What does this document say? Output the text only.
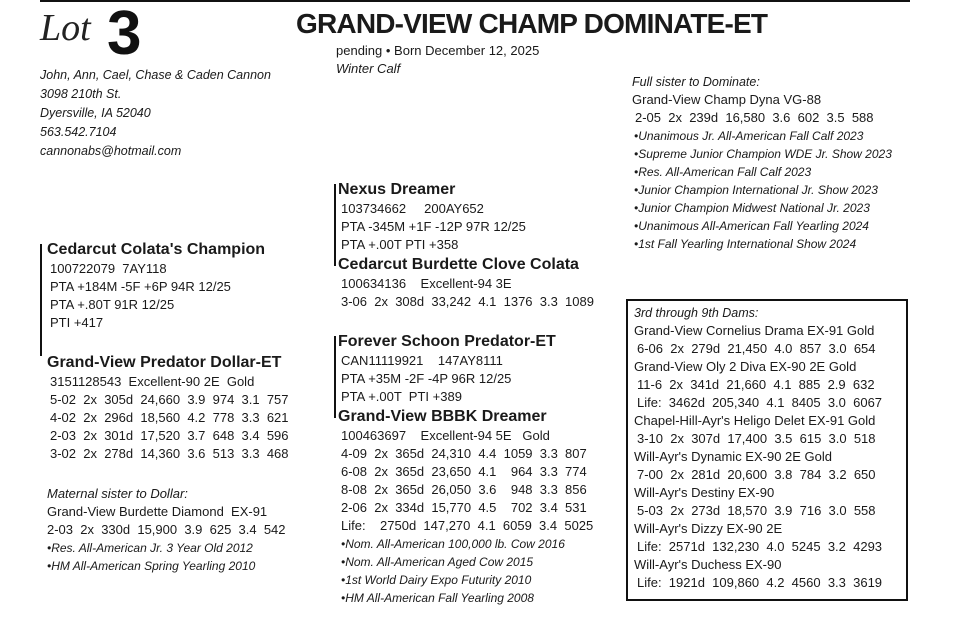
Lot 3	GRAND-VIEW CHAMP DOMINATE-ET
pending • Born December 12, 2025
Winter Calf
John, Ann, Cael, Chase & Caden Cannon
3098 210th St.
Dyersville, IA 52040
563.542.7104
cannonabs@hotmail.com
Cedarcut Colata's Champion
100722079  7AY118
PTA +184M -5F +6P 94R 12/25
PTA +.80T 91R 12/25
PTI +417
Grand-View Predator Dollar-ET
3151128543  Excellent-90 2E  Gold
5-02  2x  305d  24,660  3.9  974  3.1  757
4-02  2x  296d  18,560  4.2  778  3.3  621
2-03  2x  301d  17,520  3.7  648  3.4  596
3-02  2x  278d  14,360  3.6  513  3.3  468
Maternal sister to Dollar:
Grand-View Burdette Diamond  EX-91
2-03  2x  330d  15,900  3.9  625  3.4  542
•Res. All-American Jr. 3 Year Old 2012
•HM All-American Spring Yearling 2010
Nexus Dreamer
103734662     200AY652
PTA -345M +1F -12P 97R 12/25
PTA +.00T PTI +358
Cedarcut Burdette Clove Colata
100634136    Excellent-94 3E
3-06  2x  308d  33,242  4.1  1376  3.3  1089
Forever Schoon Predator-ET
CAN11119921    147AY8111
PTA +35M -2F -4P 96R 12/25
PTA +.00T  PTI +389
Grand-View BBBK Dreamer
100463697    Excellent-94 5E   Gold
4-09  2x  365d  24,310  4.4  1059  3.3  807
6-08  2x  365d  23,650  4.1    964  3.3  774
8-08  2x  365d  26,050  3.6    948  3.3  856
2-06  2x  334d  15,770  4.5    702  3.4  531
Life:    2750d  147,270  4.1  6059  3.4  5025
•Nom. All-American 100,000 lb. Cow 2016
•Nom. All-American Aged Cow 2015
•1st World Dairy Expo Futurity 2010
•HM All-American Fall Yearling 2008
Full sister to Dominate:
Grand-View Champ Dyna VG-88
2-05  2x  239d  16,580  3.6  602  3.5  588
•Unanimous Jr. All-American Fall Calf 2023
•Supreme Junior Champion WDE Jr. Show 2023
•Res. All-American Fall Calf 2023
•Junior Champion International Jr. Show 2023
•Junior Champion Midwest National Jr. 2023
•Unanimous All-American Fall Yearling 2024
•1st Fall Yearling International Show 2024
3rd through 9th Dams:
Grand-View Cornelius Drama EX-91 Gold
6-06  2x  279d  21,450  4.0  857  3.0  654
Grand-View Oly 2 Diva EX-90 2E Gold
11-6  2x  341d  21,660  4.1  885  2.9  632
Life:  3462d  205,340  4.1  8405  3.0  6067
Chapel-Hill-Ayr's Heligo Delet EX-91 Gold
3-10  2x  307d  17,400  3.5  615  3.0  518
Will-Ayr's Dynamic EX-90 2E Gold
7-00  2x  281d  20,600  3.8  784  3.2  650
Will-Ayr's Destiny EX-90
5-03  2x  273d  18,570  3.9  716  3.0  558
Will-Ayr's Dizzy EX-90 2E
Life:  2571d  132,230  4.0  5245  3.2  4293
Will-Ayr's Duchess EX-90
Life:  1921d  109,860  4.2  4560  3.3  3619
